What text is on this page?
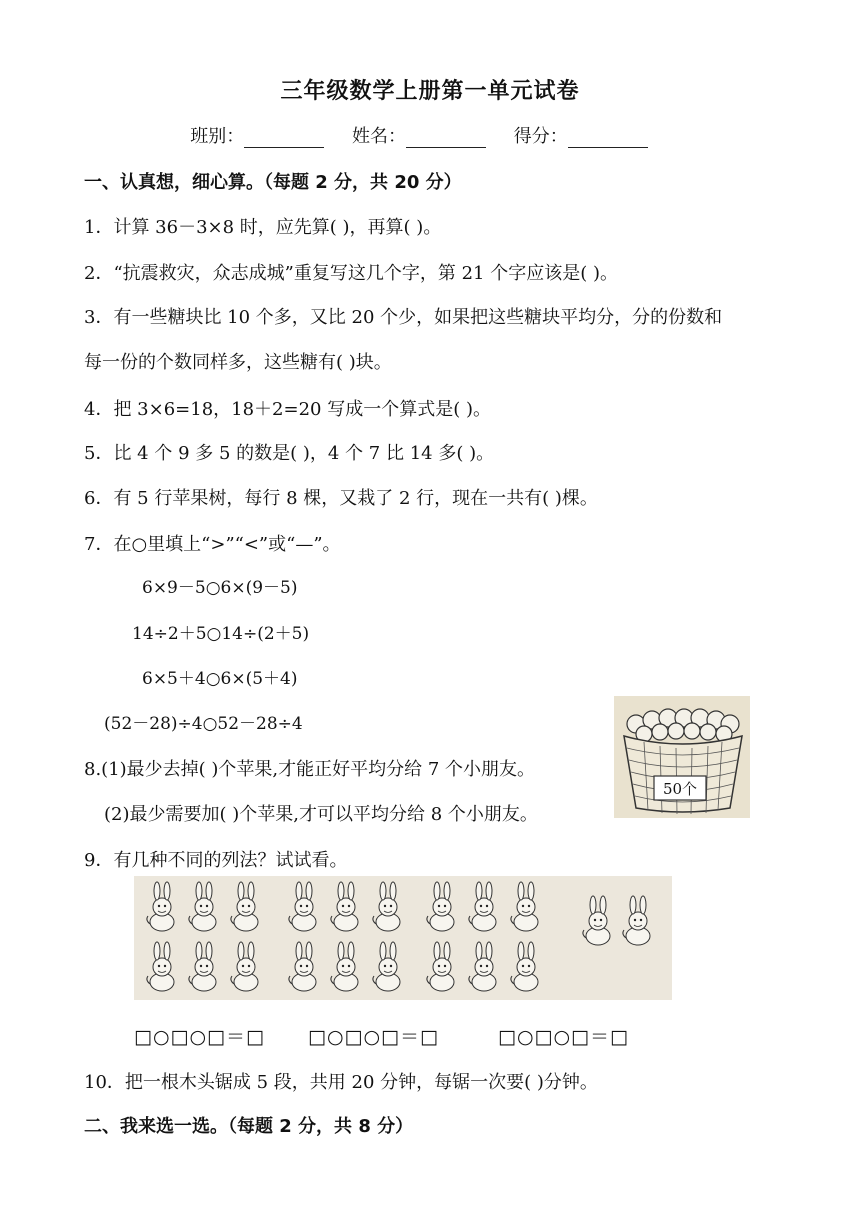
三年级数学上册第一单元试卷
班别：	姓名：	得分：
一、认真想，细心算。（每题 2 分，共 20 分）
1．计算 36－3×8 时，应先算( )，再算( )。
2．“抗震救灾，众志成城”重复写这几个字，第 21 个字应该是( )。
3．有一些糖块比 10 个多，又比 20 个少，如果把这些糖块平均分，分的份数和
每一份的个数同样多，这些糖有( )块。
4．把 3×6=18，18＋2=20 写成一个算式是( )。
5．比 4 个 9 多 5 的数是( )，4 个 7 比 14 多( )。
6．有 5 行苹果树，每行 8 棵，又栽了 2 行，现在一共有( )棵。
7．在○里填上“>”“<”或“—”。
6×9－5○6×(9－5)
14÷2＋5○14÷(2＋5)
6×5＋4○6×(5＋4)
(52－28)÷4○52－28÷4
50个
8.(1)最少去掉( )个苹果,才能正好平均分给 7 个小朋友。
(2)最少需要加( )个苹果,才可以平均分给 8 个小朋友。
9．有几种不同的列法？试试看。
□○□○□＝□ □○□○□＝□	□○□○□＝□
10．把一根木头锯成 5 段，共用 20 分钟，每锯一次要( )分钟。
二、我来选一选。（每题 2 分，共 8 分）
